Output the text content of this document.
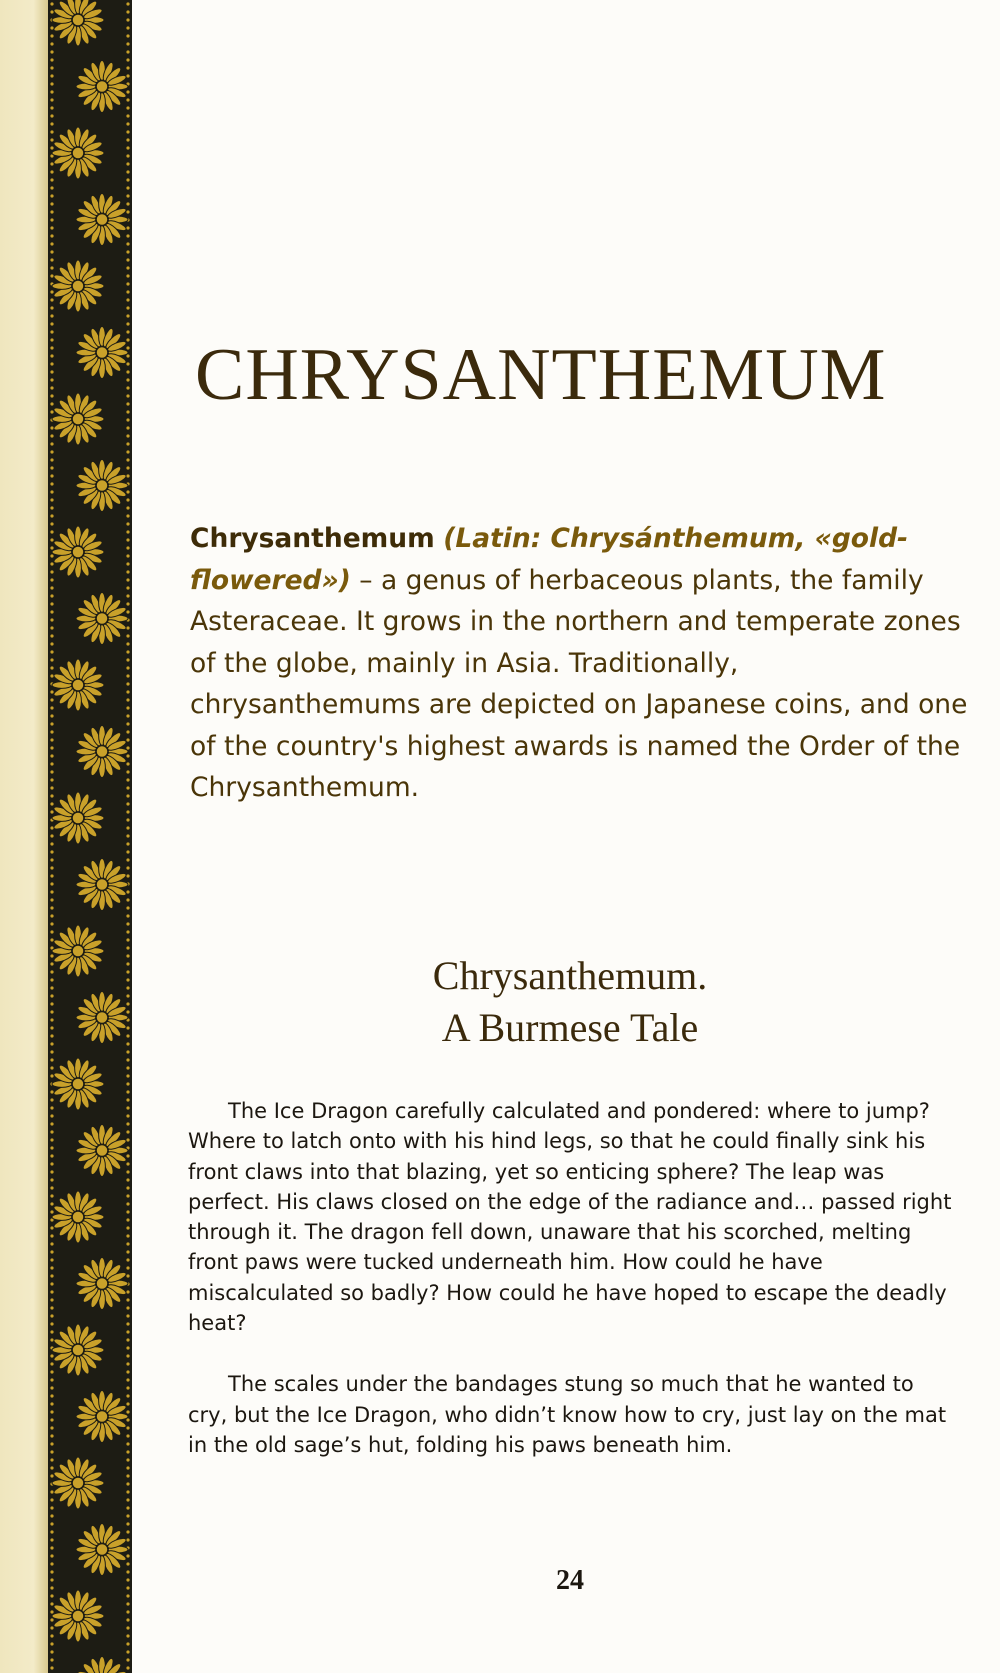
CHRYSANTHEMUM

Chrysanthemum (Latin: Chrysánthemum, «gold-flowered») – a genus of herbaceous plants, the family Asteraceae. It grows in the northern and temperate zones of the globe, mainly in Asia. Traditionally, chrysanthemums are depicted on Japanese coins, and one of the country's highest awards is named the Order of the Chrysanthemum.

Chrysanthemum.
A Burmese Tale

The Ice Dragon carefully calculated and pondered: where to jump? Where to latch onto with his hind legs, so that he could finally sink his front claws into that blazing, yet so enticing sphere? The leap was perfect. His claws closed on the edge of the radiance and… passed right through it. The dragon fell down, unaware that his scorched, melting front paws were tucked underneath him. How could he have miscalculated so badly? How could he have hoped to escape the deadly heat?

The scales under the bandages stung so much that he wanted to cry, but the Ice Dragon, who didn’t know how to cry, just lay on the mat in the old sage’s hut, folding his paws beneath him.

24
